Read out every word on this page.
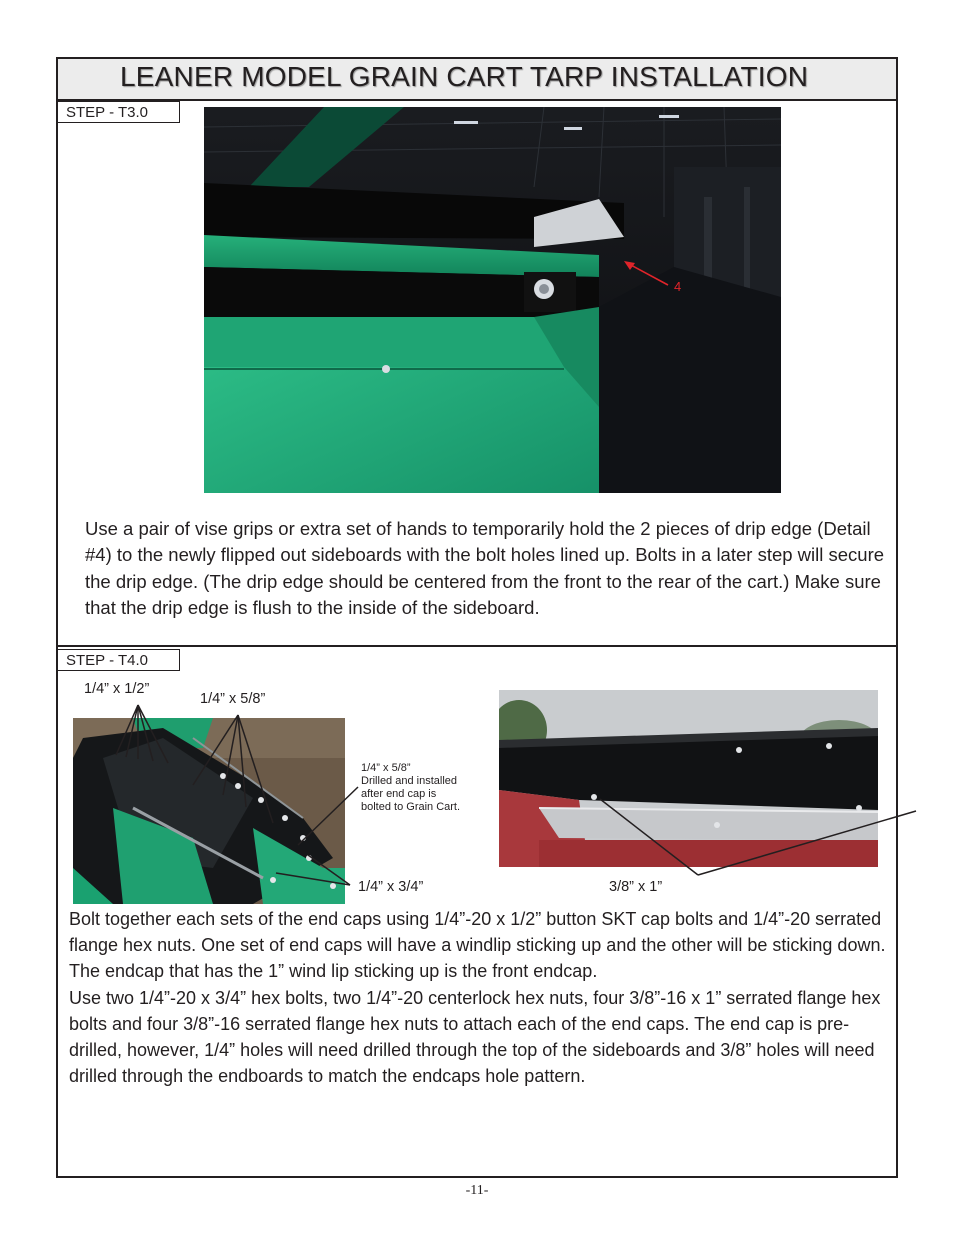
LEANER MODEL GRAIN CART TARP INSTALLATION
STEP - T3.0
4

Use a pair of vise grips or extra set of hands to temporarily hold the 2 pieces of drip edge (Detail #4) to the newly flipped out sideboards with the bolt holes lined up. Bolts in a later step will secure the drip edge. (The drip edge should be centered from the front to the rear of the cart.) Make sure that the drip edge is flush to the inside of the sideboard.

STEP - T4.0
1/4” x 1/2”
1/4” x 5/8”
1/4” x 5/8”
Drilled and installed
after end cap is
bolted to Grain Cart.
1/4” x 3/4”	3/8” x 1”

Bolt together each sets of the end caps using 1/4”-20 x 1/2” button SKT cap bolts and 1/4”-20 serrated flange hex nuts. One set of end caps will have a windlip sticking up and the other will be sticking down. The endcap that has the 1” wind lip sticking up is the front endcap.

Use two 1/4”-20 x 3/4” hex bolts, two 1/4”-20 centerlock hex nuts, four 3/8”-16 x 1” serrated flange hex bolts and four 3/8”-16 serrated flange hex nuts to attach each of the end caps. The end cap is pre-drilled, however, 1/4” holes will need drilled through the top of the sideboards and 3/8” holes will need drilled through the endboards to match the endcaps hole pattern.

-11-
